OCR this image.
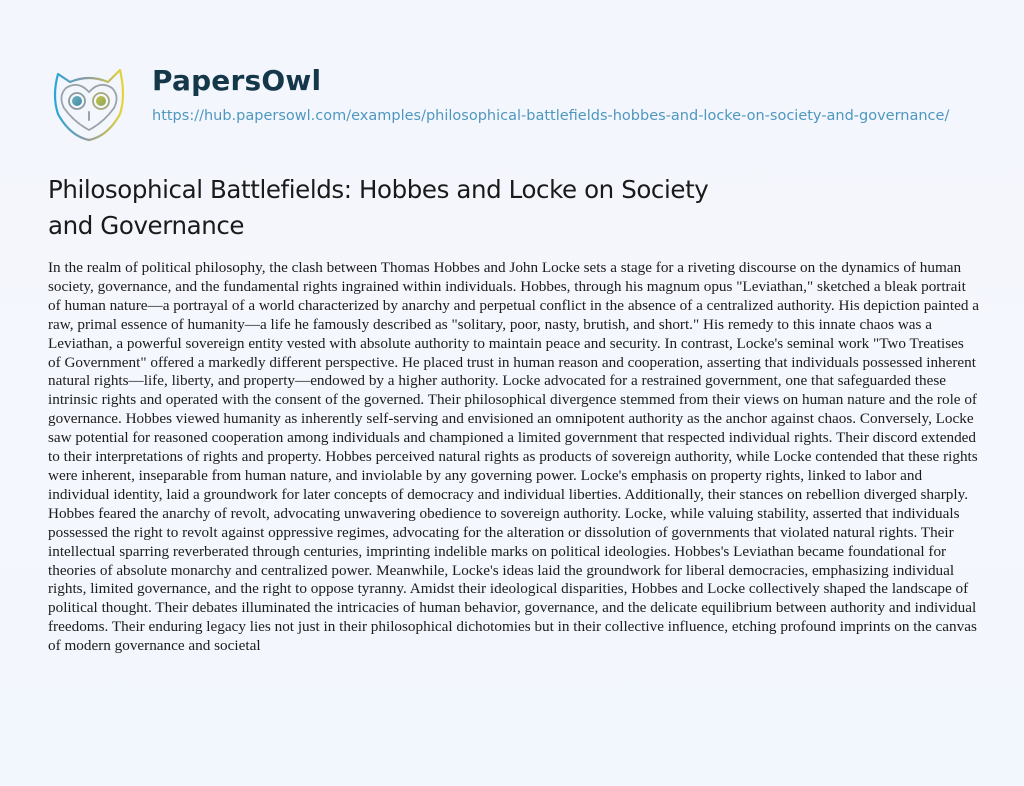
PapersOwl
https://hub.papersowl.com/examples/philosophical-battlefields-hobbes-and-locke-on-society-and-governance/
Philosophical Battlefields: Hobbes and Locke on Society and Governance

In the realm of political philosophy, the clash between Thomas Hobbes and John Locke sets a stage for a riveting discourse on the dynamics of human society, governance, and the fundamental rights ingrained within individuals. Hobbes, through his magnum opus "Leviathan," sketched a bleak portrait of human nature—a portrayal of a world characterized by anarchy and perpetual conflict in the absence of a centralized authority. His depiction painted a raw, primal essence of humanity—a life he famously described as "solitary, poor, nasty, brutish, and short." His remedy to this innate chaos was a Leviathan, a powerful sovereign entity vested with absolute authority to maintain peace and security. In contrast, Locke's seminal work "Two Treatises of Government" offered a markedly different perspective. He placed trust in human reason and cooperation, asserting that individuals possessed inherent natural rights—life, liberty, and property—endowed by a higher authority. Locke advocated for a restrained government, one that safeguarded these intrinsic rights and operated with the consent of the governed. Their philosophical divergence stemmed from their views on human nature and the role of governance. Hobbes viewed humanity as inherently self-serving and envisioned an omnipotent authority as the anchor against chaos. Conversely, Locke saw potential for reasoned cooperation among individuals and championed a limited government that respected individual rights. Their discord extended to their interpretations of rights and property. Hobbes perceived natural rights as products of sovereign authority, while Locke contended that these rights were inherent, inseparable from human nature, and inviolable by any governing power. Locke's emphasis on property rights, linked to labor and individual identity, laid a groundwork for later concepts of democracy and individual liberties. Additionally, their stances on rebellion diverged sharply. Hobbes feared the anarchy of revolt, advocating unwavering obedience to sovereign authority. Locke, while valuing stability, asserted that individuals possessed the right to revolt against oppressive regimes, advocating for the alteration or dissolution of governments that violated natural rights. Their intellectual sparring reverberated through centuries, imprinting indelible marks on political ideologies. Hobbes's Leviathan became foundational for theories of absolute monarchy and centralized power. Meanwhile, Locke's ideas laid the groundwork for liberal democracies, emphasizing individual rights, limited governance, and the right to oppose tyranny. Amidst their ideological disparities, Hobbes and Locke collectively shaped the landscape of political thought. Their debates illuminated the intricacies of human behavior, governance, and the delicate equilibrium between authority and individual freedoms. Their enduring legacy lies not just in their philosophical dichotomies but in their collective influence, etching profound imprints on the canvas of modern governance and societal
